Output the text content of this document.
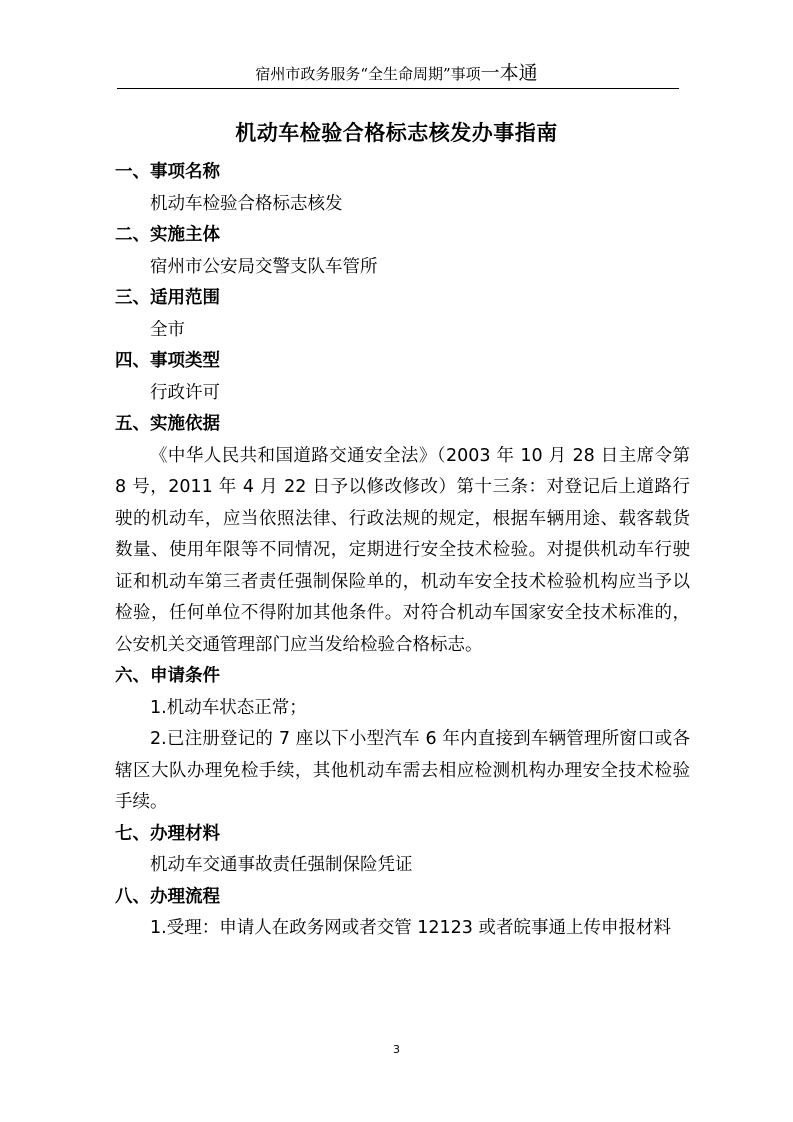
宿州市政务服务“全生命周期”事项一本通
机动车检验合格标志核发办事指南
一、事项名称
机动车检验合格标志核发
二、实施主体
宿州市公安局交警支队车管所
三、适用范围
全市
四、事项类型
行政许可
五、实施依据
《中华人民共和国道路交通安全法》（2003 年 10 月 28 日主席令第 8 号，2011 年 4 月 22 日予以修改修改）第十三条：对登记后上道路行驶的机动车，应当依照法律、行政法规的规定，根据车辆用途、载客载货数量、使用年限等不同情况，定期进行安全技术检验。对提供机动车行驶证和机动车第三者责任强制保险单的，机动车安全技术检验机构应当予以检验，任何单位不得附加其他条件。对符合机动车国家安全技术标准的，公安机关交通管理部门应当发给检验合格标志。
六、申请条件
1.机动车状态正常；
2.已注册登记的 7 座以下小型汽车 6 年内直接到车辆管理所窗口或各辖区大队办理免检手续，其他机动车需去相应检测机构办理安全技术检验手续。
七、办理材料
机动车交通事故责任强制保险凭证
八、办理流程
1.受理：申请人在政务网或者交管 12123 或者皖事通上传申报材料
3
